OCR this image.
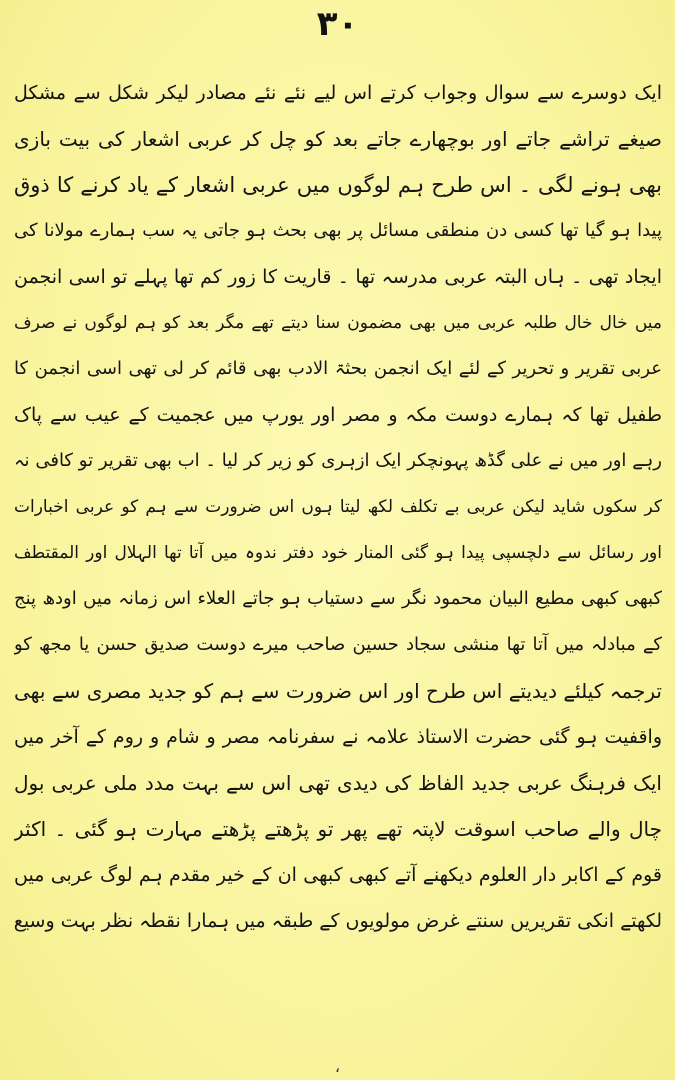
۳۰
ایک دوسرے سے سوال وجواب کرتے اس لیے نئے نئے مصادر لیکر شکل سے مشکل
صیغے تراشے جاتے اور بوچھارے جاتے بعد کو چل کر عربی اشعار کی بیت بازی
بھی ہونے لگی ۔ اس طرح ہم لوگوں میں عربی اشعار کے یاد کرنے کا ذوق
پیدا ہو گیا تھا کسی دن منطقی مسائل پر بھی بحث ہو جاتی یہ سب ہمارے مولانا کی
ایجاد تھی ۔ ہاں البتہ عربی مدرسہ تھا ۔ قاریت کا زور کم تھا پہلے تو اسی انجمن
میں خال خال طلبہ عربی میں بھی مضمون سنا دیتے تھے مگر بعد کو ہم لوگوں نے صرف
عربی تقریر و تحریر کے لئے ایک انجمن بحثۃ الادب بھی قائم کر لی تھی اسی انجمن کا
طفیل تھا کہ ہمارے دوست مکہ و مصر اور یورپ میں عجمیت کے عیب سے پاک
رہے اور میں نے علی گڈھ پہونچکر ایک ازہری کو زیر کر لیا ۔ اب بھی تقریر تو کافی نہ
کر سکوں شاید لیکن عربی بے تکلف لکھ لیتا ہوں اس ضرورت سے ہم کو عربی اخبارات
اور رسائل سے دلچسپی پیدا ہو گئی المنار خود دفتر ندوہ میں آتا تھا الہلال اور المقتطف
کبھی کبھی مطیع البیان محمود نگر سے دستیاب ہو جاتے العلاء اس زمانہ میں اودھ پنج
کے مبادلہ میں آتا تھا منشی سجاد حسین صاحب میرے دوست صدیق حسن یا مجھ کو
ترجمہ کیلئے دیدیتے اس طرح اور اس ضرورت سے ہم کو جدید مصری سے بھی
واقفیت ہو گئی حضرت الاستاذ علامہ نے سفرنامہ مصر و شام و روم کے آخر میں
ایک فرہنگ عربی جدید الفاظ کی دیدی تھی اس سے بہت مدد ملی عربی بول
چال والے صاحب اسوقت لاپتہ تھے پھر تو پڑھتے پڑھتے مہارت ہو گئی ۔ اکثر
قوم کے اکابر دار العلوم دیکھنے آتے کبھی کبھی ان کے خیر مقدم ہم لوگ عربی میں
لکھتے انکی تقریریں سنتے غرض مولویوں کے طبقہ میں ہمارا نقطہ نظر بہت وسیع
،
